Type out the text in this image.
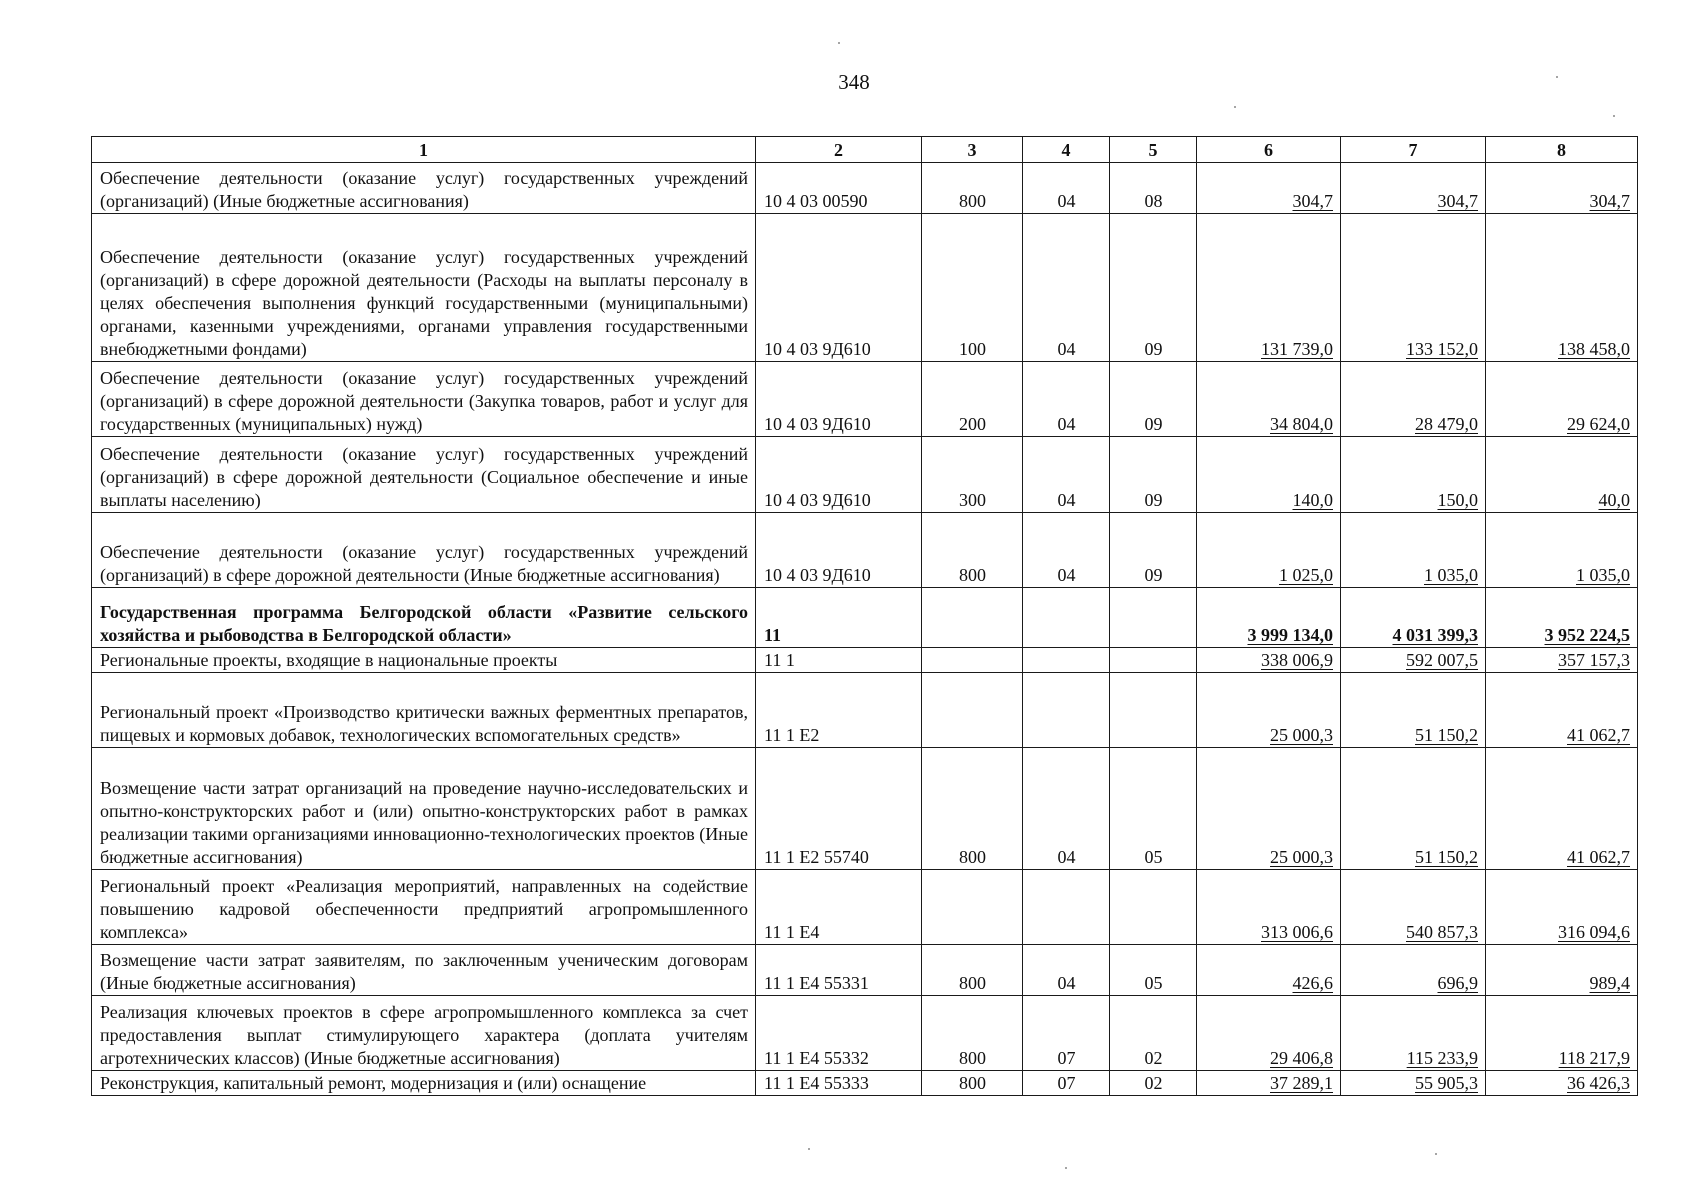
348
1	2	3	4	5	6	7	8
Обеспечение деятельности (оказание услуг) государственных учреждений (организаций) (Иные бюджетные ассигнования)	10 4 03 00590	800	04	08	304,7	304,7	304,7
Обеспечение деятельности (оказание услуг) государственных учреждений (организаций) в сфере дорожной деятельности (Расходы на выплаты персоналу в целях обеспечения выполнения функций государственными (муниципальными) органами, казенными учреждениями, органами управления государственными внебюджетными фондами)	10 4 03 9Д610	100	04	09	131 739,0	133 152,0	138 458,0
Обеспечение деятельности (оказание услуг) государственных учреждений (организаций) в сфере дорожной деятельности (Закупка товаров, работ и услуг для государственных (муниципальных) нужд)	10 4 03 9Д610	200	04	09	34 804,0	28 479,0	29 624,0
Обеспечение деятельности (оказание услуг) государственных учреждений (организаций) в сфере дорожной деятельности (Социальное обеспечение и иные выплаты населению)	10 4 03 9Д610	300	04	09	140,0	150,0	40,0
Обеспечение деятельности (оказание услуг) государственных учреждений (организаций) в сфере дорожной деятельности (Иные бюджетные ассигнования)	10 4 03 9Д610	800	04	09	1 025,0	1 035,0	1 035,0
Государственная программа Белгородской области «Развитие сельского хозяйства и рыбоводства в Белгородской области»	11				3 999 134,0	4 031 399,3	3 952 224,5
Региональные проекты, входящие в национальные проекты	11 1				338 006,9	592 007,5	357 157,3
Региональный проект «Производство критически важных ферментных препаратов, пищевых и кормовых добавок, технологических вспомогательных средств»	11 1 Е2				25 000,3	51 150,2	41 062,7
Возмещение части затрат организаций на проведение научно-исследовательских и опытно-конструкторских работ и (или) опытно-конструкторских работ в рамках реализации такими организациями инновационно-технологических проектов (Иные бюджетные ассигнования)	11 1 Е2 55740	800	04	05	25 000,3	51 150,2	41 062,7
Региональный проект «Реализация мероприятий, направленных на содействие повышению кадровой обеспеченности предприятий агропромышленного комплекса»	11 1 Е4				313 006,6	540 857,3	316 094,6
Возмещение части затрат заявителям, по заключенным ученическим договорам (Иные бюджетные ассигнования)	11 1 Е4 55331	800	04	05	426,6	696,9	989,4
Реализация ключевых проектов в сфере агропромышленного комплекса за счет предоставления выплат стимулирующего характера (доплата учителям агротехнических классов) (Иные бюджетные ассигнования)	11 1 Е4 55332	800	07	02	29 406,8	115 233,9	118 217,9
Реконструкция, капитальный ремонт, модернизация и (или) оснащение	11 1 Е4 55333	800	07	02	37 289,1	55 905,3	36 426,3
